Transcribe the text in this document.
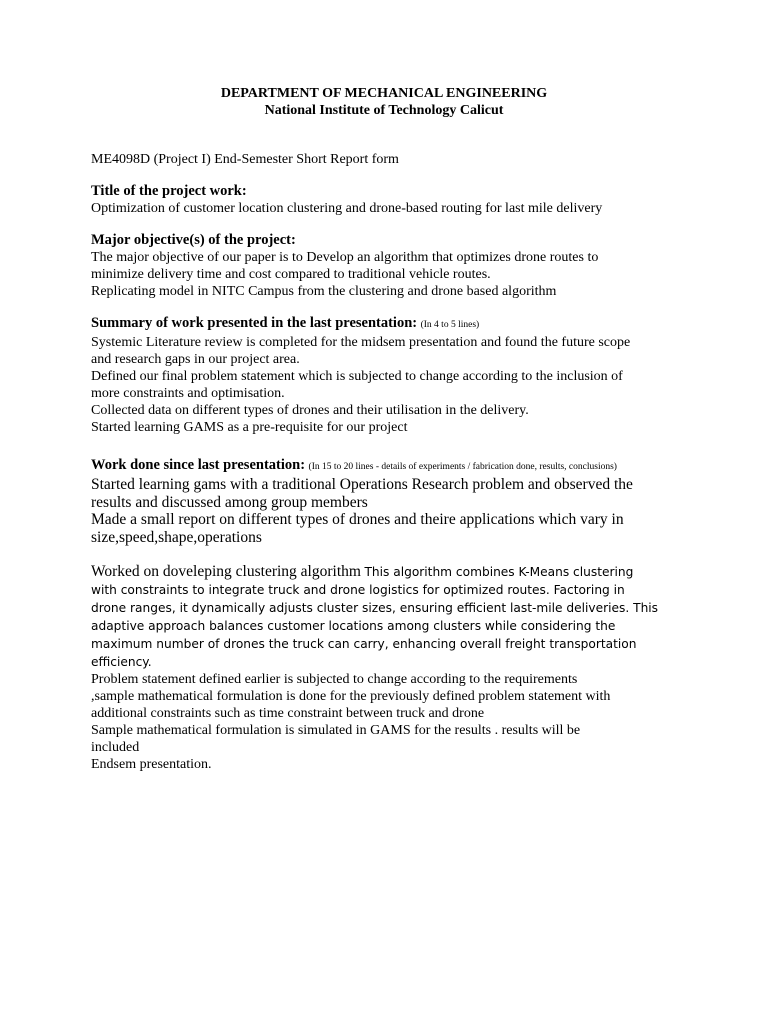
DEPARTMENT OF MECHANICAL ENGINEERING
National Institute of Technology Calicut
ME4098D (Project I) End-Semester Short Report form
Title of the project work:
Optimization of customer location clustering and drone-based routing for last mile delivery
Major objective(s) of the project:
The major objective of our paper is to Develop an algorithm that optimizes drone routes to
minimize delivery time and cost compared to traditional vehicle routes.
Replicating model in NITC Campus from the clustering and drone based algorithm
Summary of work presented in the last presentation: (In 4 to 5 lines)
Systemic Literature review is completed for the midsem presentation and found the future scope
and research gaps in our project area.
Defined our final problem statement which is subjected to change according to the inclusion of
more constraints and optimisation.
Collected data on different types of drones and their utilisation in the delivery.
Started learning GAMS as a pre-requisite for our project
Work done since last presentation: (In 15 to 20 lines - details of experiments / fabrication done, results, conclusions)
Started learning gams with a traditional Operations Research problem and observed the
results and discussed among group members
Made a small report on different types of drones and theire applications which vary in
size,speed,shape,operations
Worked on doveleping clustering algorithm This algorithm combines K-Means clustering
with constraints to integrate truck and drone logistics for optimized routes. Factoring in
drone ranges, it dynamically adjusts cluster sizes, ensuring efficient last-mile deliveries. This
adaptive approach balances customer locations among clusters while considering the
maximum number of drones the truck can carry, enhancing overall freight transportation
efficiency.
Problem statement defined earlier is subjected to change according to the requirements
,sample mathematical formulation is done for the previously defined problem statement with
additional constraints such as time constraint between truck and drone
Sample mathematical formulation is simulated in GAMS for the results . results will be
included
Endsem presentation.
